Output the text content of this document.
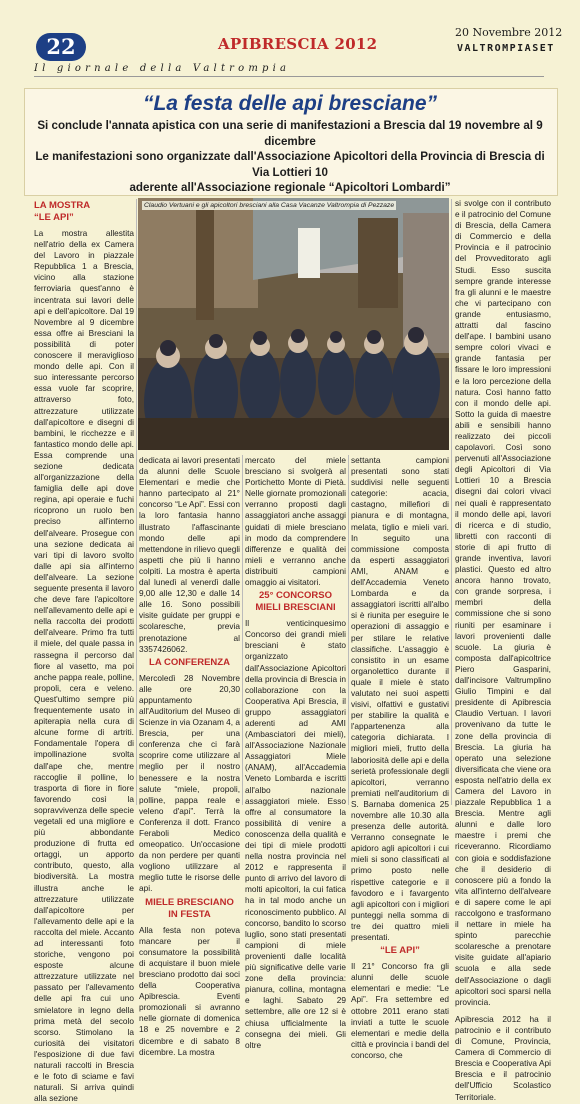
22	APIBRESCIA 2012
20 Novembre 2012
VALTROMPIASET
Il giornale della Valtrompia
“La festa delle api bresciane”
Si conclude l'annata apistica con una serie di manifestazioni a Brescia dal 19 novembre al 9 dicembre
Le manifestazioni sono organizzate dall'Associazione Apicoltori della Provincia di Brescia di Via Lottieri 10
aderente all'Associazione regionale “Apicoltori Lombardi”
LA MOSTRA
“LE API”

La mostra allestita nell'atrio della ex Camera del Lavoro in piazzale Repubblica 1 a Brescia, vicino alla stazione ferroviaria quest'anno è incentrata sui lavori delle api e dell'apicoltore. Dal 19 Novembre al 9 dicembre essa offre ai Bresciani la possibilità di poter conoscere il meraviglioso mondo delle api. Con il suo interessante percorso essa vuole far scoprire, attraverso foto, attrezzature utilizzate dall'apicoltore e disegni di bambini, le ricchezze e il fantastico mondo delle api. Essa comprende una sezione dedicata all'organizzazione della famiglia delle api dove regina, api operaie e fuchi ricoprono un ruolo ben preciso all'interno dell'alveare. Prosegue con una sezione dedicata ai vari tipi di lavoro svolto dalle api sia all'interno dell'alveare. La sezione seguente presenta il lavoro che deve fare l'apicoltore nell'allevamento delle api e nella raccolta dei prodotti dell'alveare. Primo fra tutti il miele, del quale passa in rassegna il percorso dal fiore al vasetto, ma poi anche pappa reale, polline, propoli, cera e veleno. Quest'ultimo sempre più frequentemente usato in apiterapia nella cura di alcune forme di artriti. Fondamentale l'opera di impollinazione svolta dall'ape che, mentre raccoglie il polline, lo trasporta di fiore in fiore favorendo così la sopravvivenza delle specie vegetali ed una migliore e più abbondante produzione di frutta ed ortaggi, un apporto contributo, questo, alla biodiversità. La mostra illustra anche le attrezzature utilizzate dall'apicoltore per l'allevamento delle api e la raccolta del miele. Accanto ad interessanti foto storiche, vengono poi esposte alcune attrezzature utilizzate nel passato per l'allevamento delle api fra cui uno smielatore in legno della prima metà del secolo scorso. Stimolano la curiosità dei visitatori l'esposizione di due favi naturali raccolti in Brescia e le foto di sciame e favi naturali. Si arriva quindi alla sezione

Claudio Vertuani e gli apicoltori bresciani alla Casa Vacanze Valtrompia di Pezzaze

dedicata ai lavori presentati da alunni delle Scuole Elementari e medie che hanno partecipato al 21° concorso “Le Api”. Essi con la loro fantasia hanno illustrato l'affascinante mondo delle api mettendone in rilievo quegli aspetti che più li hanno colpiti. La mostra è aperta dal lunedì al venerdì dalle 9,00 alle 12,30 e dalle 14 alle 16. Sono possibili visite guidate per gruppi e scolaresche, previa prenotazione al 3357426062.

LA CONFERENZA

Mercoledì 28 Novembre alle ore 20,30 appuntamento all'Auditorium del Museo di Scienze in via Ozanam 4, a Brescia, per una conferenza che ci farà scoprire come utilizzare al meglio per il nostro benessere e la nostra salute “miele, propoli, polline, pappa reale e veleno d'api”. Terrà la Conferenza il dott. Franco Feraboli Medico omeopatico. Un'occasione da non perdere per quanti vogliono utilizzare al meglio tutte le risorse delle api.

MIELE BRESCIANO
IN FESTA

Alla festa non poteva mancare per il consumatore la possibilità di acquistare il buon miele bresciano prodotto dai soci della Cooperativa Apibrescia. Eventi promozionali si avranno nelle giornate di domenica 18 e 25 novembre e 2 dicembre e di sabato 8 dicembre. La mostra

mercato del miele bresciano si svolgerà al Portichetto Monte di Pietà. Nelle giornate promozionali verranno proposti dagli assaggiatori anche assaggi guidati di miele bresciano in modo da comprendere differenze e qualità dei mieli e verranno anche distribuiti campioni omaggio ai visitatori.

25° CONCORSO
MIELI BRESCIANI

Il venticinquesimo Concorso dei grandi mieli bresciani è stato organizzato dall'Associazione Apicoltori della provincia di Brescia in collaborazione con la Cooperativa Api Brescia, il gruppo assaggiatori aderenti ad AMI (Ambasciatori dei mieli), all'Associazione Nazionale Assaggiatori Miele (ANAM), all'Accademia Veneto Lombarda e iscritti all'albo nazionale assaggiatori miele. Esso offre al consumatore la possibilità di venire a conoscenza della qualità e dei tipi di miele prodotti nella nostra provincia nel 2012 e rappresenta il punto di arrivo del lavoro di molti apicoltori, la cui fatica ha in tal modo anche un riconoscimento pubblico. Al concorso, bandito lo scorso luglio, sono stati presentati campioni di miele provenienti dalle località più significative delle varie zone della provincia: pianura, collina, montagna e laghi. Sabato 29 settembre, alle ore 12 si è chiusa ufficialmente la consegna dei mieli. Gli oltre

settanta campioni presentati sono stati suddivisi nelle seguenti categorie: acacia, castagno, millefiori di pianura e di montagna, melata, tiglio e mieli vari. In seguito una commissione composta da esperti assaggiatori AMI, ANAM e dell'Accademia Veneto Lombarda e da assaggiatori iscritti all'albo si è riunita per eseguire le operazioni di assaggio e per stilare le relative classifiche. L'assaggio è consistito in un esame organolettico durante il quale il miele è stato valutato nei suoi aspetti visivi, olfattivi e gustativi per stabilire la qualità e l'appartenenza alla categoria dichiarata. I migliori mieli, frutto della laboriosità delle api e della serietà professionale degli apicoltori, verranno premiati nell'auditorium di S. Barnaba domenica 25 novembre alle 10.30 alla presenza delle autorità. Verranno consegnate le apidoro agli apicoltori i cui mieli si sono classificati al primo posto nelle rispettive categorie e il favodoro e i favargento agli apicoltori con i migliori punteggi nella somma di tre dei quattro mieli presentati.

“LE API”

Il 21° Concorso fra gli alunni delle scuole elementari e medie: “Le Api”. Fra settembre ed ottobre 2011 erano stati inviati a tutte le scuole elementari e medie della città e provincia i bandi del concorso, che

si svolge con il contributo e il patrocinio del Comune di Brescia, della Camera di Commercio e della Provincia e il patrocinio del Provveditorato agli Studi. Esso suscita sempre grande interesse fra gli alunni e le maestre che vi partecipano con grande entusiasmo, attratti dal fascino dell'ape. I bambini usano sempre colori vivaci e grande fantasia per fissare le loro impressioni e la loro percezione della natura. Così hanno fatto con il mondo delle api. Sotto la guida di maestre abili e sensibili hanno realizzato dei piccoli capolavori. Così sono pervenuti all'Associazione degli Apicoltori di Via Lottieri 10 a Brescia disegni dai colori vivaci nei quali è rappresentato il mondo delle api, lavori di ricerca e di studio, libretti con racconti di storie di api frutto di grande inventiva, lavori plastici. Questo ed altro ancora hanno trovato, con grande sorpresa, i membri della commissione che si sono riuniti per esaminare i lavori provenienti dalle scuole. La giuria è composta dall'apicoltrice Piero Gasparini, dall'incisore Valtrumplino Giulio Timpini e dal presidente di Apibrescia Claudio Vertuan. I lavori provenivano da tutte le zone della provincia di Brescia. La giuria ha operato una selezione diversificata che viene ora esposta nell'atrio della ex Camera del Lavoro in piazzale Repubblica 1 a Brescia. Mentre agli alunni e dalle loro maestre i premi che riceveranno. Ricordiamo con gioia e soddisfazione che il desiderio di conoscere più a fondo la vita all'interno dell'alveare e di sapere come le api raccolgono e trasformano il nettare in miele ha spinto parecchie scolaresche a prenotare visite guidate all'apiario scuola e alla sede dell'Associazione o dagli apicoltori soci sparsi nella provincia.

Apibrescia 2012 ha il patrocinio e il contributo di Comune, Provincia, Camera di Commercio di Brescia e Cooperativa Api Brescia e il patrocinio dell'Ufficio Scolastico Territoriale.
